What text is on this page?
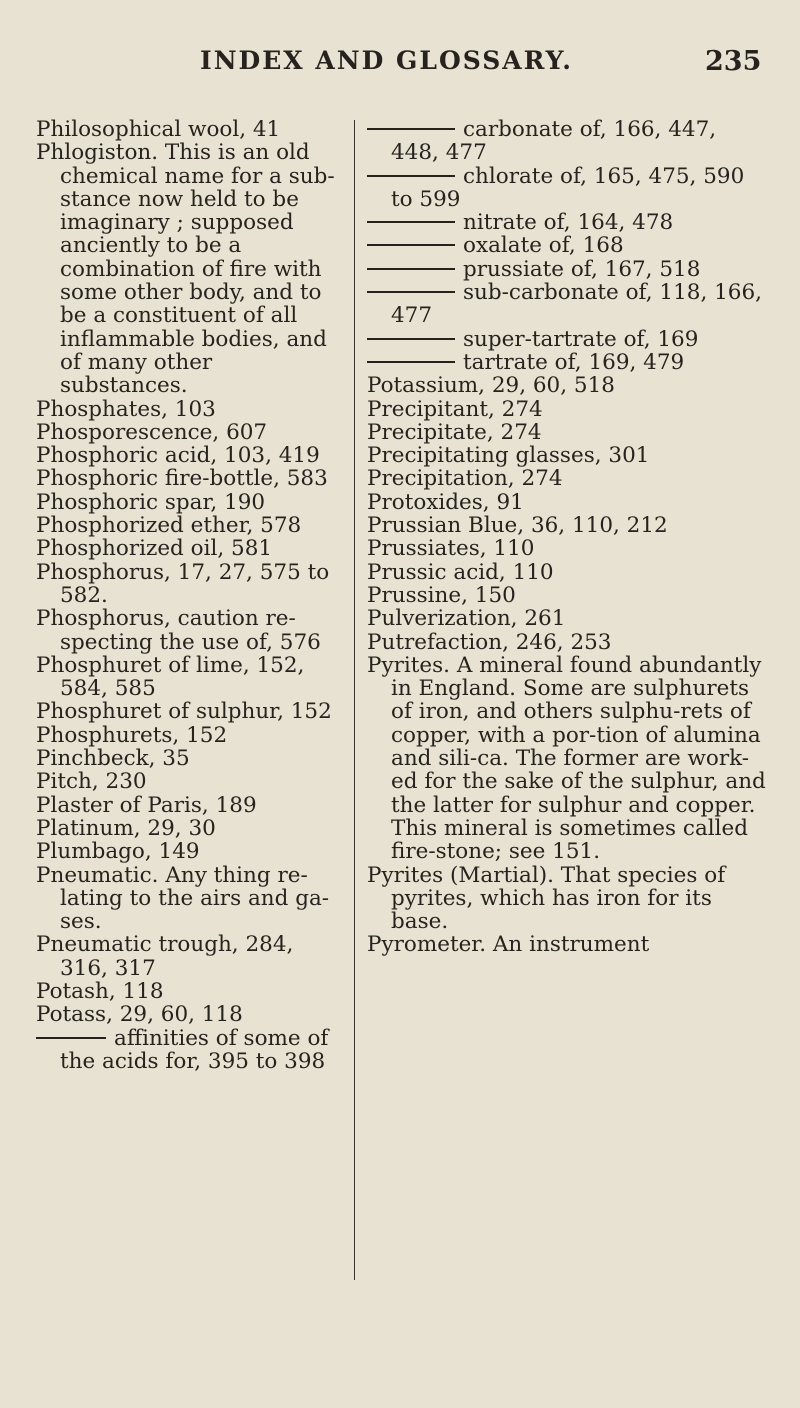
INDEX AND GLOSSARY.	235

Philosophical wool, 41

Phlogiston. This is an old chemical name for a sub-stance now held to be imaginary ; supposed anciently to be a combination of fire with some other body, and to be a constituent of all inflammable bodies, and of many other substances.

Phosphates, 103

Phosporescence, 607

Phosphoric acid, 103, 419

Phosphoric fire-bottle, 583

Phosphoric spar, 190

Phosphorized ether, 578

Phosphorized oil, 581

Phosphorus, 17, 27, 575 to 582.

Phosphorus, caution re-specting the use of, 576

Phosphuret of lime, 152, 584, 585

Phosphuret of sulphur, 152

Phosphurets, 152

Pinchbeck, 35

Pitch, 230

Plaster of Paris, 189

Platinum, 29, 30

Plumbago, 149

Pneumatic. Any thing re-lating to the airs and ga-ses.

Pneumatic trough, 284, 316, 317

Potash, 118

Potass, 29, 60, 118

affinities of some of the acids for, 395 to 398

carbonate of, 166, 447, 448, 477

chlorate of, 165, 475, 590 to 599

nitrate of, 164, 478

oxalate of, 168

prussiate of, 167, 518

sub-carbonate of, 118, 166, 477

super-tartrate of, 169

tartrate of, 169, 479

Potassium, 29, 60, 518

Precipitant, 274

Precipitate, 274

Precipitating glasses, 301

Precipitation, 274

Protoxides, 91

Prussian Blue, 36, 110, 212

Prussiates, 110

Prussic acid, 110

Prussine, 150

Pulverization, 261

Putrefaction, 246, 253

Pyrites. A mineral found abundantly in England. Some are sulphurets of iron, and others sulphu-rets of copper, with a por-tion of alumina and sili-ca. The former are work-ed for the sake of the sulphur, and the latter for sulphur and copper. This mineral is sometimes called fire-stone; see 151.

Pyrites (Martial). That species of pyrites, which has iron for its base.

Pyrometer. An instrument
